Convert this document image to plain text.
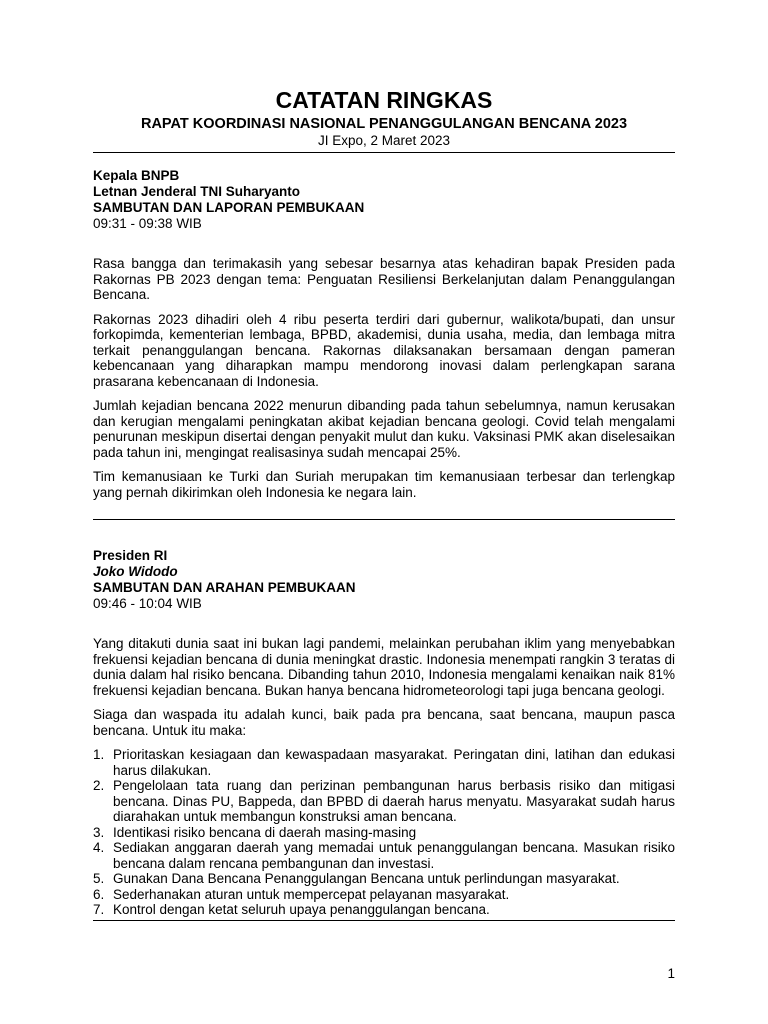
CATATAN RINGKAS
RAPAT KOORDINASI NASIONAL PENANGGULANGAN BENCANA 2023
JI Expo, 2 Maret 2023
Kepala BNPB
Letnan Jenderal TNI Suharyanto
SAMBUTAN DAN LAPORAN PEMBUKAAN
09:31 - 09:38 WIB

Rasa bangga dan terimakasih yang sebesar besarnya atas kehadiran bapak Presiden pada Rakornas PB 2023 dengan tema: Penguatan Resiliensi Berkelanjutan dalam Penanggulangan Bencana.

Rakornas 2023 dihadiri oleh 4 ribu peserta terdiri dari gubernur, walikota/bupati, dan unsur forkopimda, kementerian lembaga, BPBD, akademisi, dunia usaha, media, dan lembaga mitra terkait penanggulangan bencana. Rakornas dilaksanakan bersamaan dengan pameran kebencanaan yang diharapkan mampu mendorong inovasi dalam perlengkapan sarana prasarana kebencanaan di Indonesia.

Jumlah kejadian bencana 2022 menurun dibanding pada tahun sebelumnya, namun kerusakan dan kerugian mengalami peningkatan akibat kejadian bencana geologi. Covid telah mengalami penurunan meskipun disertai dengan penyakit mulut dan kuku. Vaksinasi PMK akan diselesaikan pada tahun ini, mengingat realisasinya sudah mencapai 25%.

Tim kemanusiaan ke Turki dan Suriah merupakan tim kemanusiaan terbesar dan terlengkap yang pernah dikirimkan oleh Indonesia ke negara lain.

Presiden RI
Joko Widodo
SAMBUTAN DAN ARAHAN PEMBUKAAN
09:46 - 10:04 WIB

Yang ditakuti dunia saat ini bukan lagi pandemi, melainkan perubahan iklim yang menyebabkan frekuensi kejadian bencana di dunia meningkat drastic. Indonesia menempati rangkin 3 teratas di dunia dalam hal risiko bencana. Dibanding tahun 2010, Indonesia mengalami kenaikan naik 81% frekuensi kejadian bencana. Bukan hanya bencana hidrometeorologi tapi juga bencana geologi.

Siaga dan waspada itu adalah kunci, baik pada pra bencana, saat bencana, maupun pasca bencana. Untuk itu maka:

1. Prioritaskan kesiagaan dan kewaspadaan masyarakat. Peringatan dini, latihan dan edukasi harus dilakukan.
2. Pengelolaan tata ruang dan perizinan pembangunan harus berbasis risiko dan mitigasi bencana. Dinas PU, Bappeda, dan BPBD di daerah harus menyatu. Masyarakat sudah harus diarahakan untuk membangun konstruksi aman bencana.
3. Identikasi risiko bencana di daerah masing-masing
4. Sediakan anggaran daerah yang memadai untuk penanggulangan bencana. Masukan risiko bencana dalam rencana pembangunan dan investasi.
5. Gunakan Dana Bencana Penanggulangan Bencana untuk perlindungan masyarakat.
6. Sederhanakan aturan untuk mempercepat pelayanan masyarakat.
7. Kontrol dengan ketat seluruh upaya penanggulangan bencana.
1
